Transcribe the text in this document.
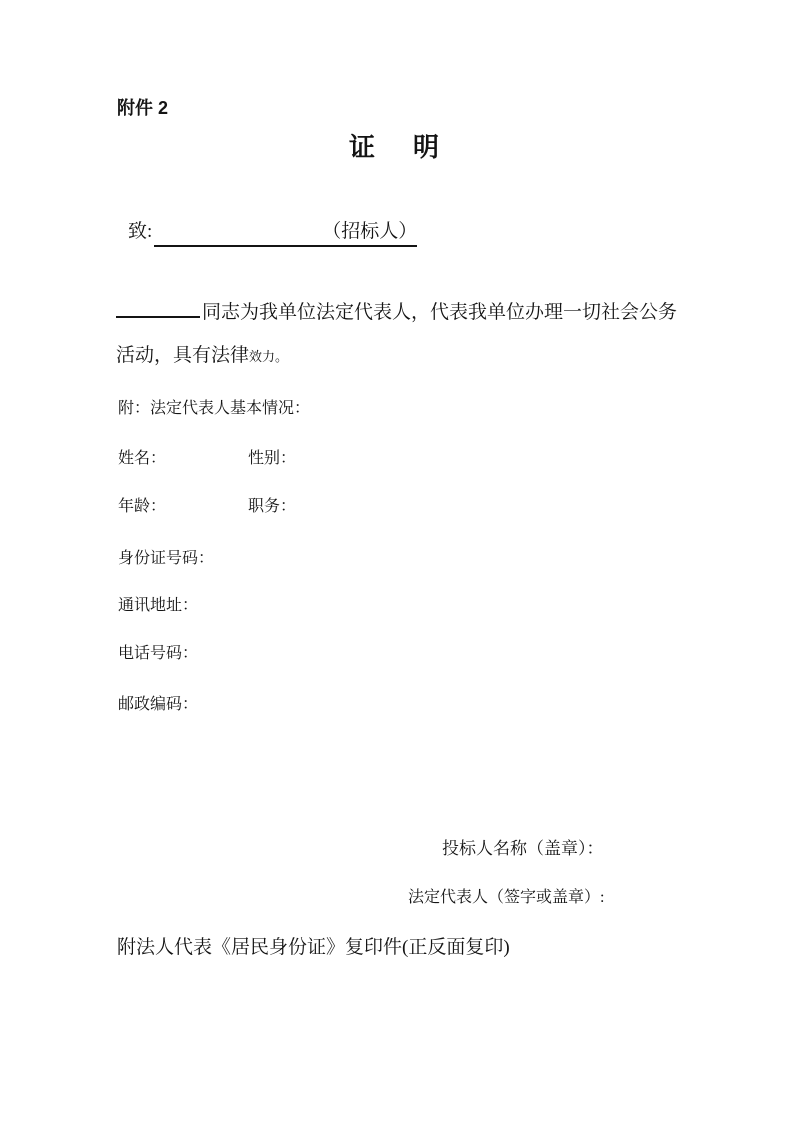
附件 2
证　明
致:	（招标人）
同志为我单位法定代表人，代表我单位办理一切社会公务
活动，具有法律效力。
附：法定代表人基本情况：
姓名：	性别：
年龄：	职务：
身份证号码：
通讯地址：
电话号码：
邮政编码：
投标人名称（盖章）：
法定代表人（签字或盖章）:
附法人代表《居民身份证》复印件(正反面复印)
